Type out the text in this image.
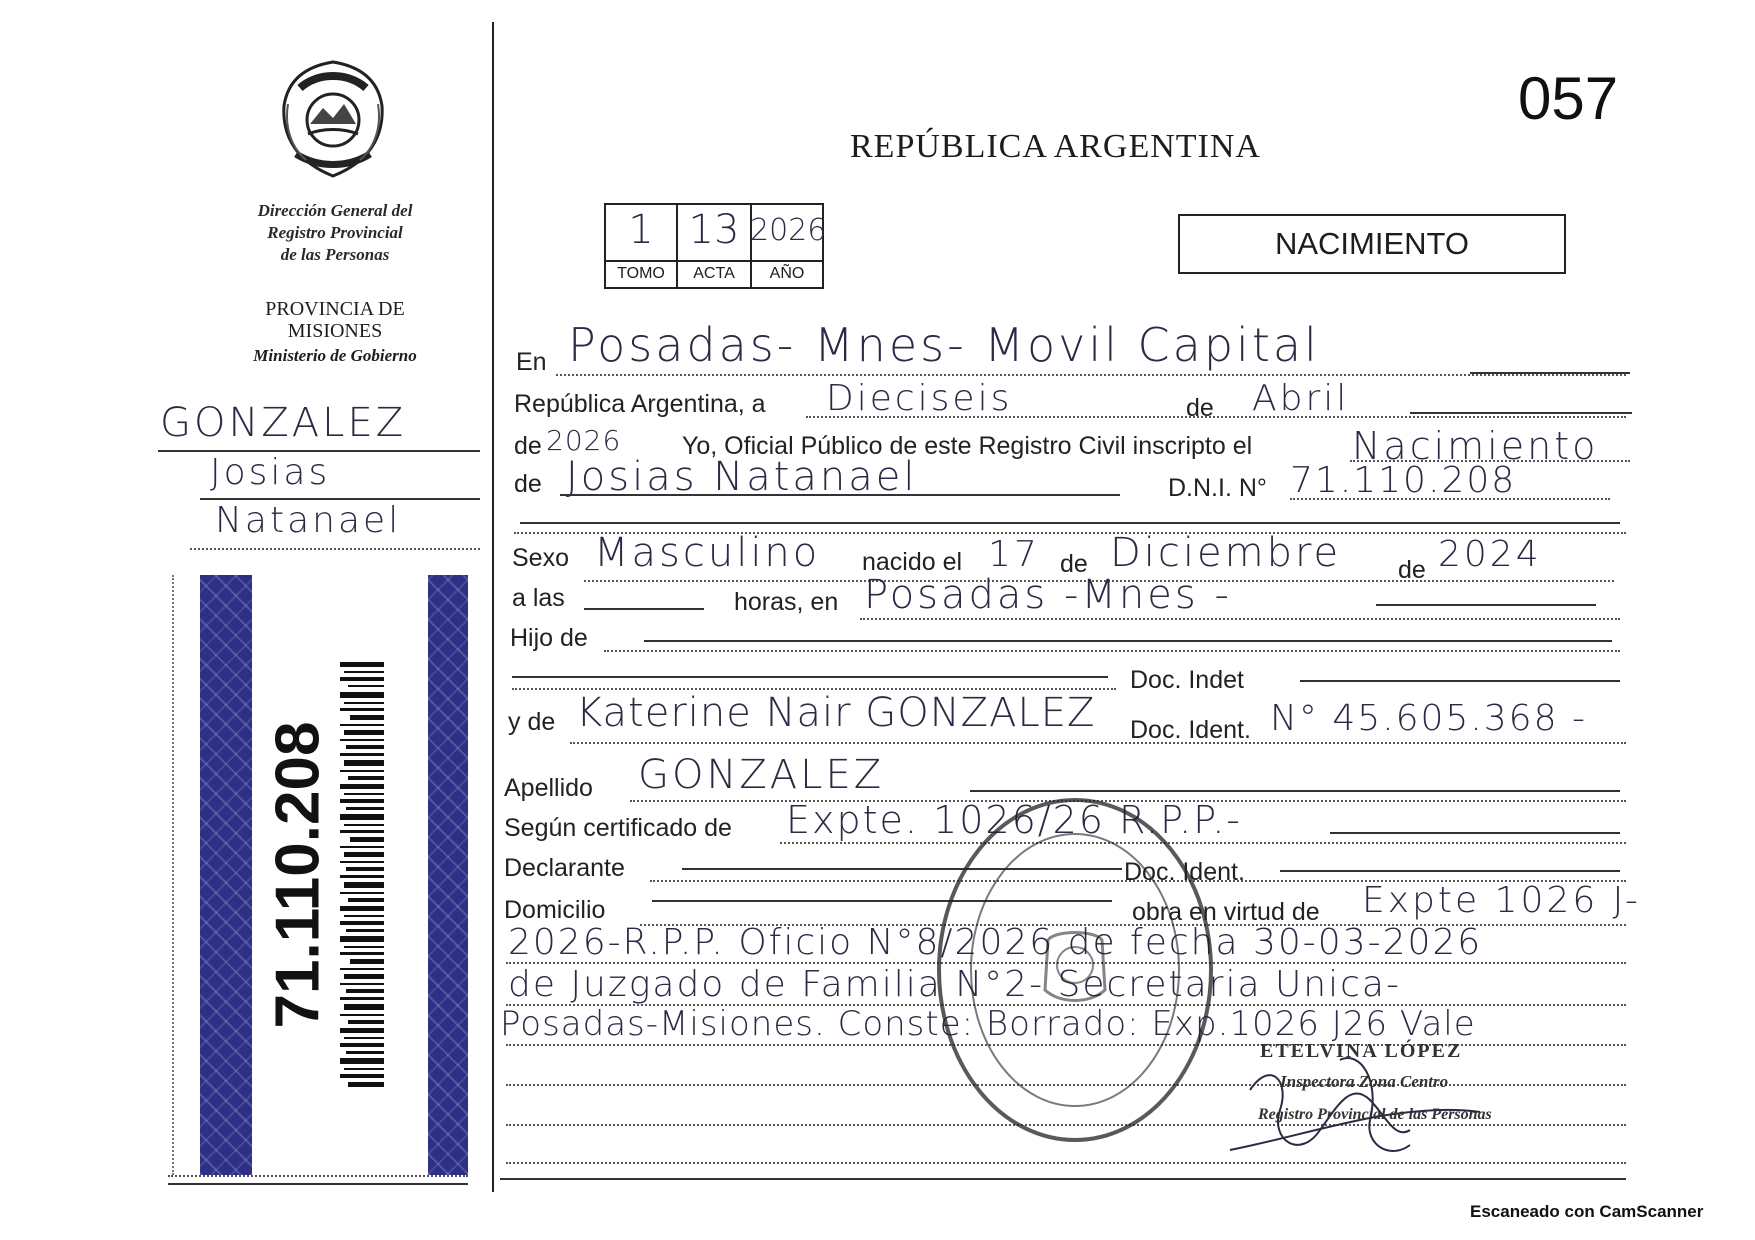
Dirección General del
Registro Provincial
de las Personas
PROVINCIA DE
MISIONES
Ministerio de Gobierno
GONZALEZ
Josias
Natanael
71.110.208
057
REPÚBLICA ARGENTINA
1 13 2026
TOMO	ACTA	AÑO
NACIMIENTO
En Posadas- Mnes- Movil Capital
República Argentina, a Dieciseis	de Abril
de 2026 Yo, Oficial Público de este Registro Civil inscripto el	Nacimiento
de Josias Natanael	D.N.I. N° 71.110.208
Sexo Masculino nacido el 17 de Diciembre de 2024
a las	horas, en Posadas -Mnes -
Hijo de
Doc. Indet
y de Katerine Nair GONZALEZ Doc. Ident. N° 45.605.368 -
Apellido GONZALEZ
Según certificado de Expte. 1026/26 R.P.P.-
Declarante	Doc. Ident.
Domicilio	obra en virtud de Expte 1026 J-
2026-R.P.P. Oficio N°8/2026 de fecha 30-03-2026
de Juzgado de Familia N°2- Secretaria Unica-
Posadas-Misiones. Conste: Borrado: Exp.1026 J26 Vale
ETELVINA LÓPEZ
Inspectora Zona Centro
Registro Provincial de las Personas
Escaneado con CamScanner
